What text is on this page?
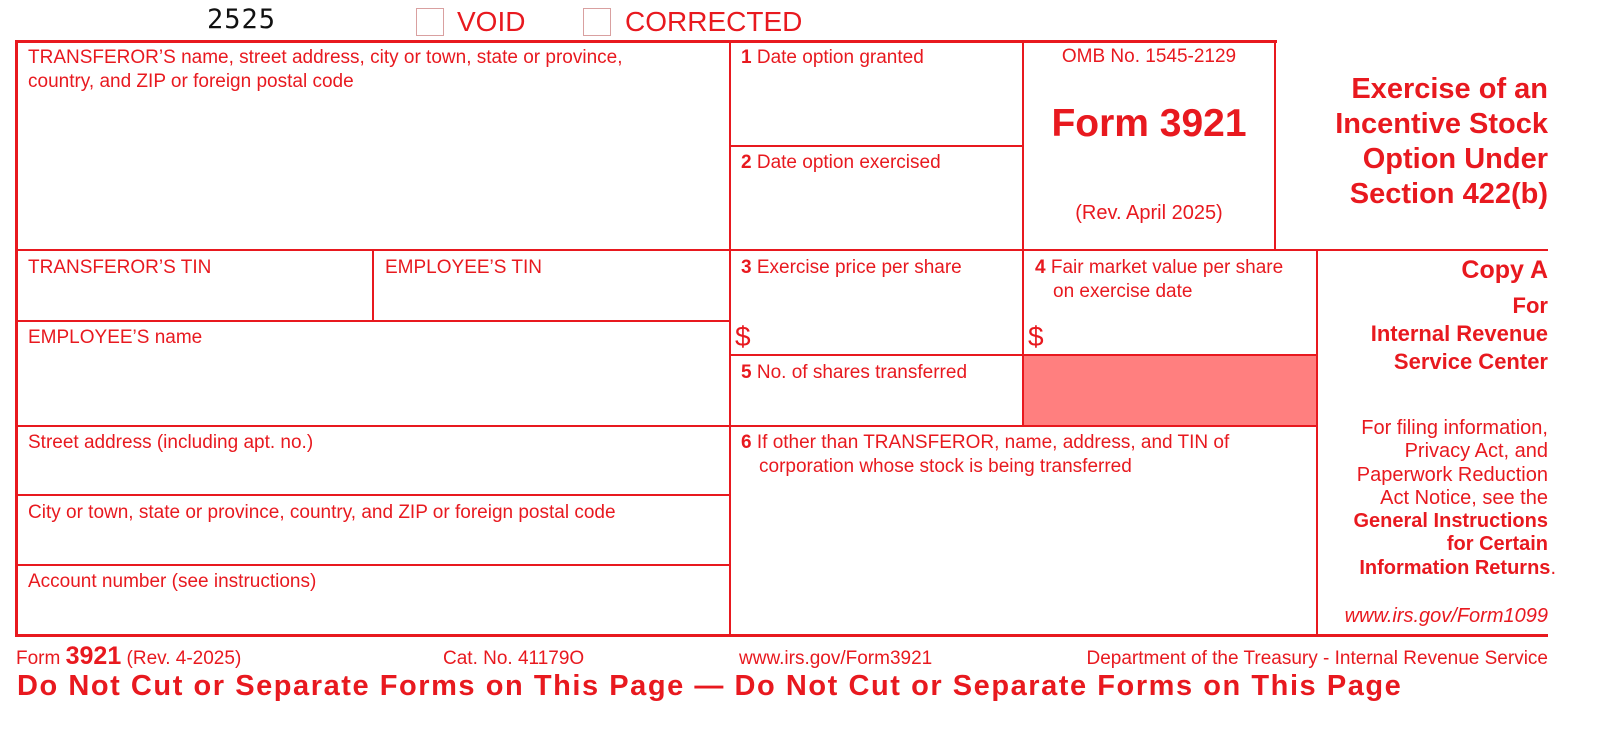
2525	VOID	CORRECTED
TRANSFEROR’S name, street address, city or town, state or province,
country, and ZIP or foreign postal code
1 Date option granted
2 Date option exercised
OMB No. 1545-2129
Form 3921
(Rev. April 2025)
Exercise of an
Incentive Stock
Option Under
Section 422(b)
TRANSFEROR’S TIN	EMPLOYEE’S TIN	3 Exercise price per share
$
4 Fair market value per share
on exercise date
$
Copy A
For
Internal Revenue
Service Center
EMPLOYEE’S name
5 No. of shares transferred
Street address (including apt. no.)	6 If other than TRANSFEROR, name, address, and TIN of
corporation whose stock is being transferred
For filing information,
Privacy Act, and
Paperwork Reduction
Act Notice, see the
General Instructions
for Certain
Information Returns.
www.irs.gov/Form1099
City or town, state or province, country, and ZIP or foreign postal code
Account number (see instructions)
Form 3921 (Rev. 4-2025)	Cat. No. 41179O	www.irs.gov/Form3921	Department of the Treasury - Internal Revenue Service
Do Not Cut or Separate Forms on This Page — Do Not Cut or Separate Forms on This Page
